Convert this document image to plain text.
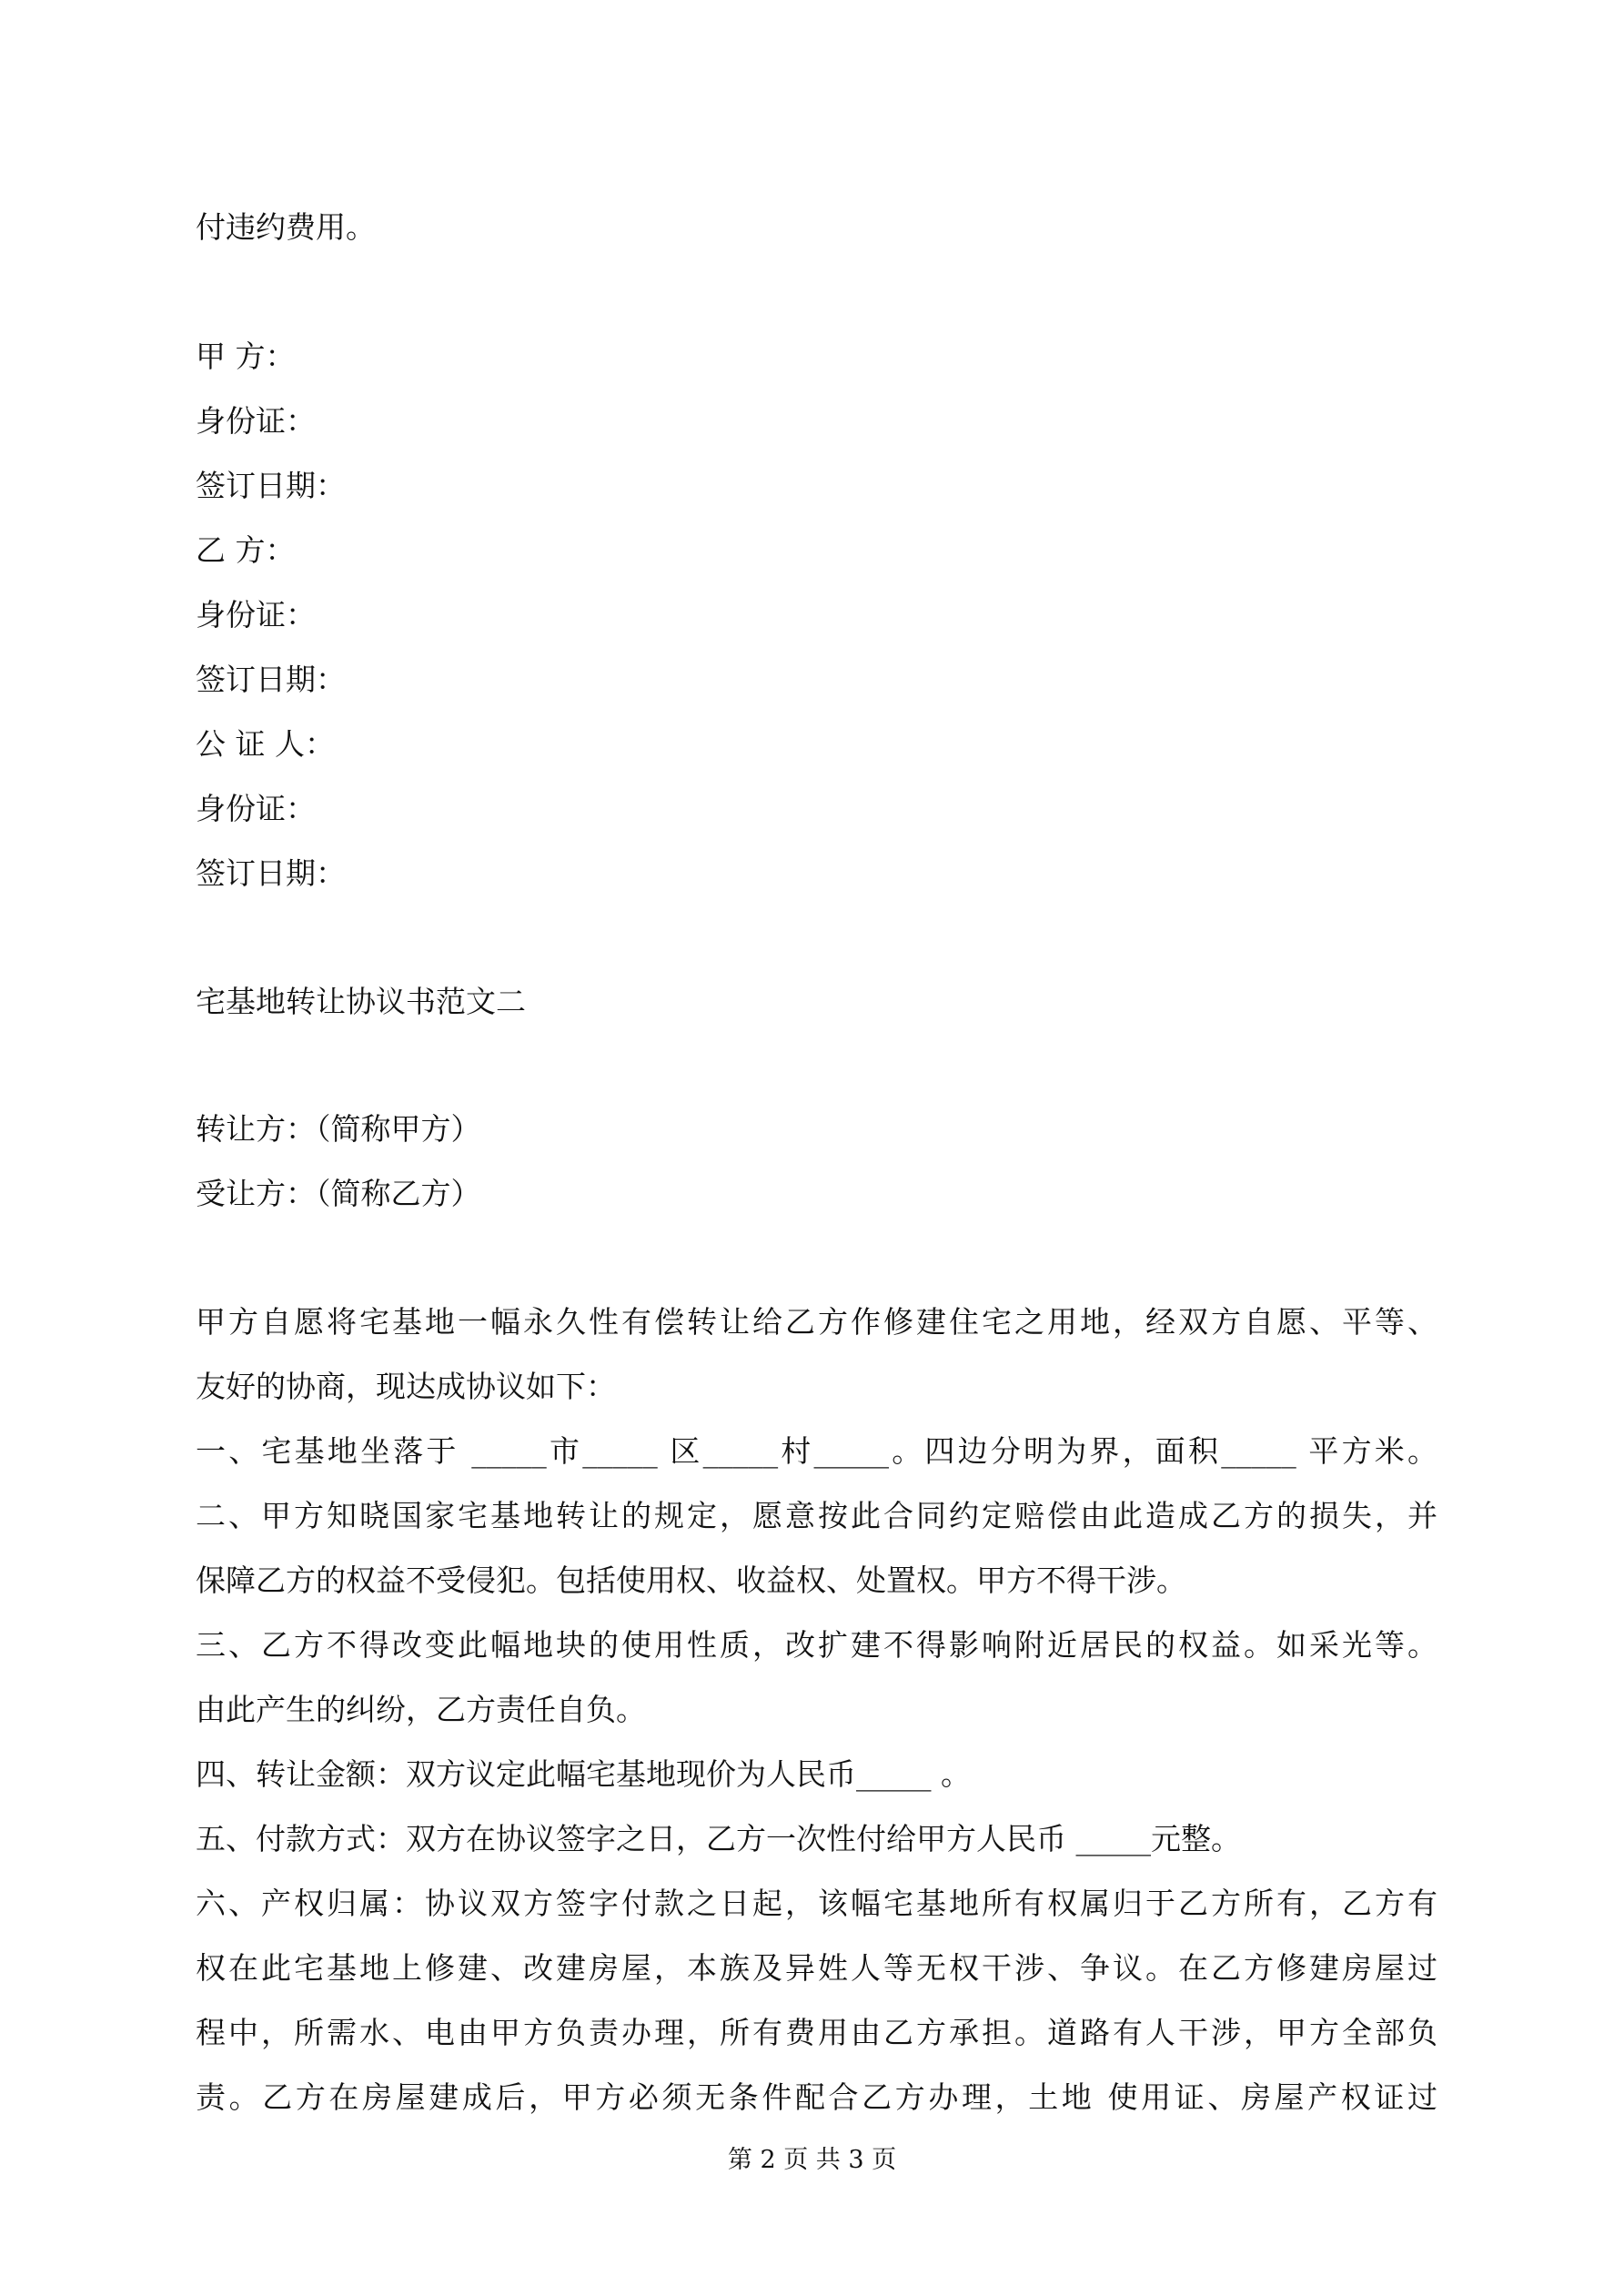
付违约费用。

甲 方：

身份证：

签订日期：

乙 方：

身份证：

签订日期：

公 证 人：

身份证：

签订日期：

宅基地转让协议书范文二

转让方：（简称甲方）

受让方：（简称乙方）

甲方自愿将宅基地一幅永久性有偿转让给乙方作修建住宅之用地，经双方自愿、平等、

友好的协商，现达成协议如下：

一、宅基地坐落于 _____市_____ 区_____村_____。四边分明为界，面积_____ 平方米。

二、甲方知晓国家宅基地转让的规定，愿意按此合同约定赔偿由此造成乙方的损失，并

保障乙方的权益不受侵犯。包括使用权、收益权、处置权。甲方不得干涉。

三、乙方不得改变此幅地块的使用性质，改扩建不得影响附近居民的权益。如采光等。

由此产生的纠纷，乙方责任自负。

四、转让金额：双方议定此幅宅基地现价为人民币_____ 。

五、付款方式：双方在协议签字之日，乙方一次性付给甲方人民币 _____元整。

六、产权归属：协议双方签字付款之日起，该幅宅基地所有权属归于乙方所有，乙方有

权在此宅基地上修建、改建房屋，本族及异姓人等无权干涉、争议。在乙方修建房屋过

程中，所需水、电由甲方负责办理，所有费用由乙方承担。道路有人干涉，甲方全部负

责。乙方在房屋建成后，甲方必须无条件配合乙方办理，土地 使用证、房屋产权证过

第 2 页 共 3 页
